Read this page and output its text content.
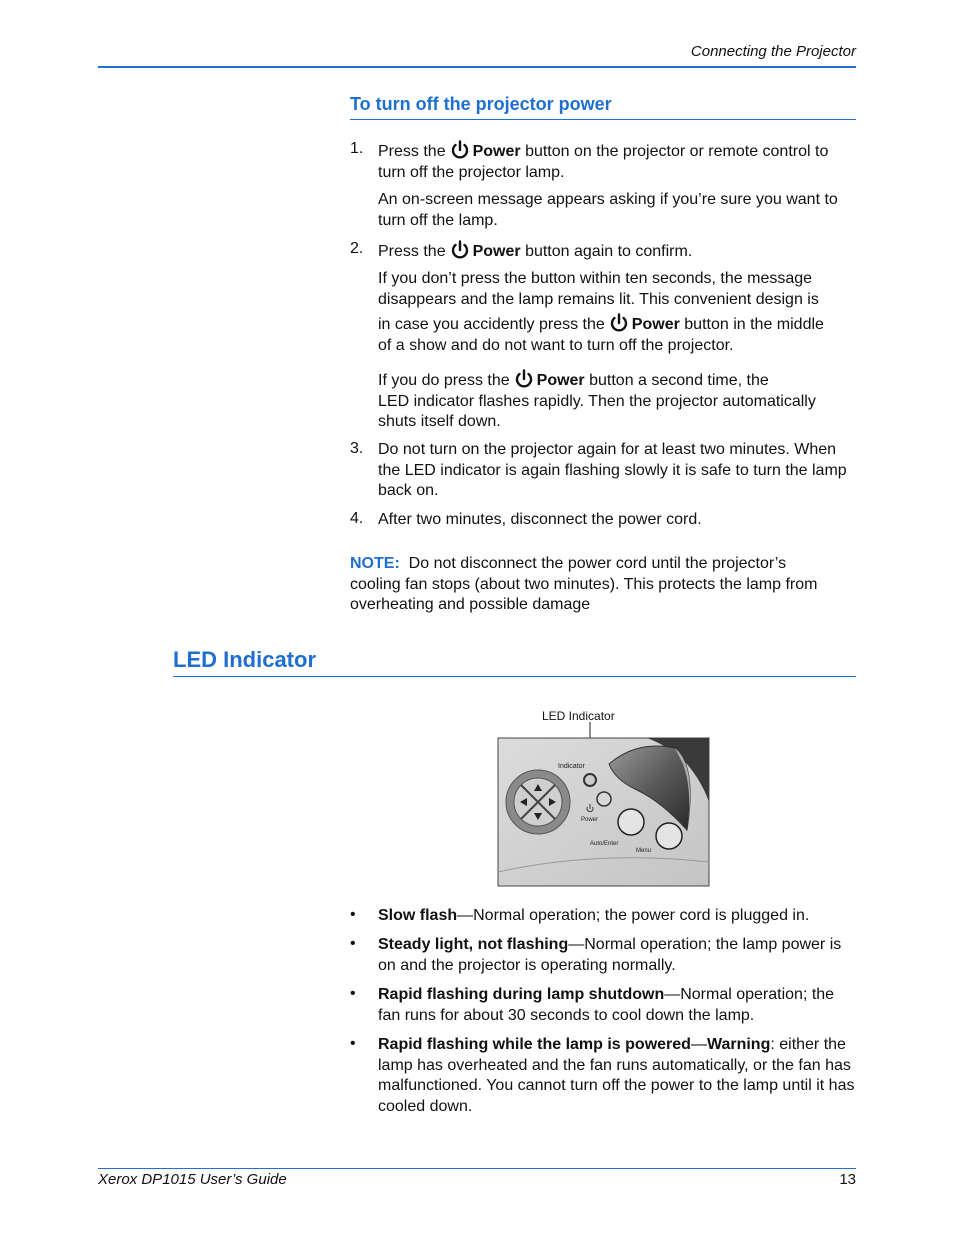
Connecting the Projector
To turn off the projector power
1. Press the Power button on the projector or remote control to turn off the projector lamp.
An on-screen message appears asking if you’re sure you want to turn off the lamp.
2. Press the Power button again to confirm.
If you don’t press the button within ten seconds, the message
disappears and the lamp remains lit. This convenient design is
in case you accidently press the Power button in the middle
of a show and do not want to turn off the projector.
If you do press the Power button a second time, the
LED indicator flashes rapidly. Then the projector automatically shuts itself down.
3. Do not turn on the projector again for at least two minutes. When the LED indicator is again flashing slowly it is safe to turn the lamp back on.
4. After two minutes, disconnect the power cord.
NOTE: Do not disconnect the power cord until the projector’s cooling fan stops (about two minutes). This protects the lamp from overheating and possible damage
LED Indicator
LED Indicator
Indicator
Power
Auto/Enter
Menu
•	Slow flash—Normal operation; the power cord is plugged in.
•	Steady light, not flashing—Normal operation; the lamp power is on and the projector is operating normally.
•	Rapid flashing during lamp shutdown—Normal operation; the fan runs for about 30 seconds to cool down the lamp.
•	Rapid flashing while the lamp is powered—Warning: either the lamp has overheated and the fan runs automatically, or the fan has malfunctioned. You cannot turn off the power to the lamp until it has cooled down.
Xerox DP1015 User’s Guide	13
